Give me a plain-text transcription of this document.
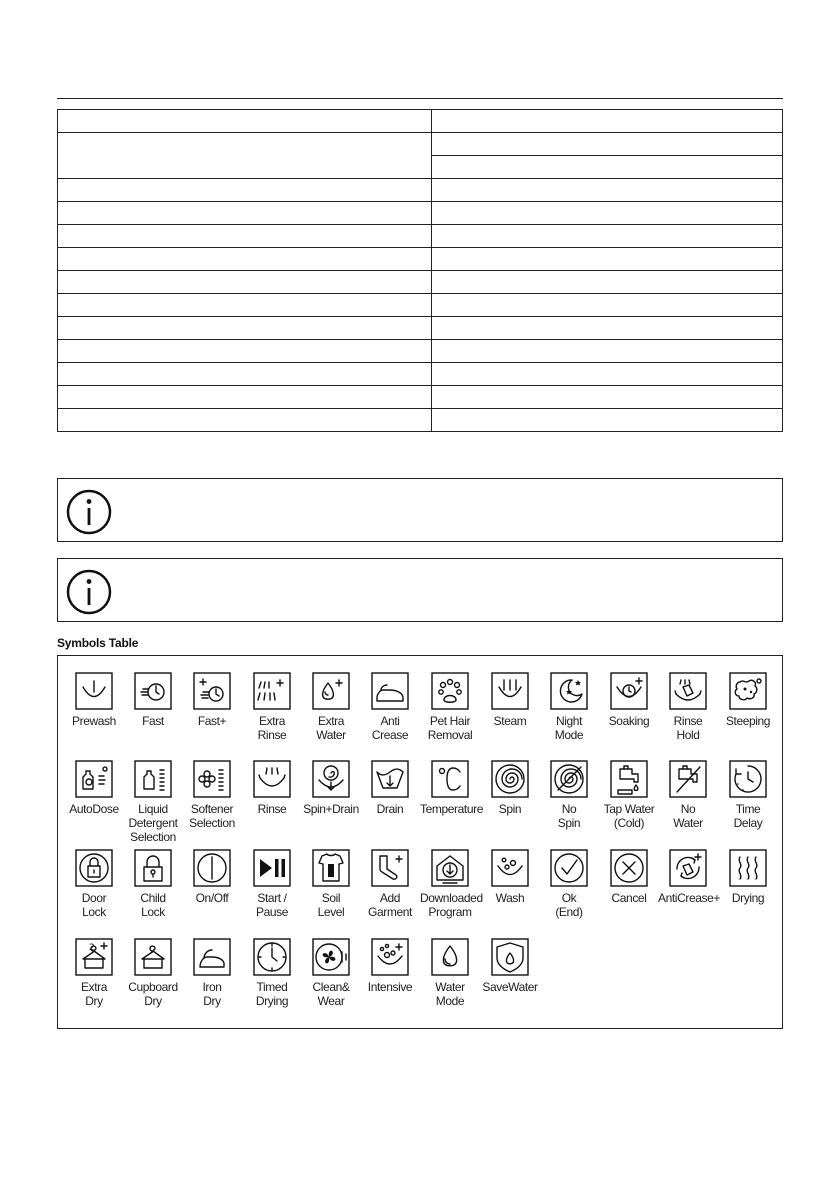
Symbols Table
Prewash	Fast	Fast+	Extra
Rinse
Extra
Water
Anti
Crease
Pet Hair
Removal
Steam	Night
Mode
Soaking	Rinse
Hold
Steeping
AutoDose	Liquid
Detergent
Selection
Softener
Selection
Rinse	Spin+Drain	Drain	Temperature	Spin	No
Spin
Tap Water
(Cold)
No
Water
Time
Delay
Door
Lock
Child
Lock
On/Off	Start /
Pause
Soil
Level
Add
Garment
Downloaded
Program
Wash	Ok
(End)
Cancel AntiCrease+ Drying
2
Extra
Dry
Cupboard
Dry
Iron
Dry
Timed
Drying
Clean&
Wear
Intensive	Water
Mode
SaveWater
